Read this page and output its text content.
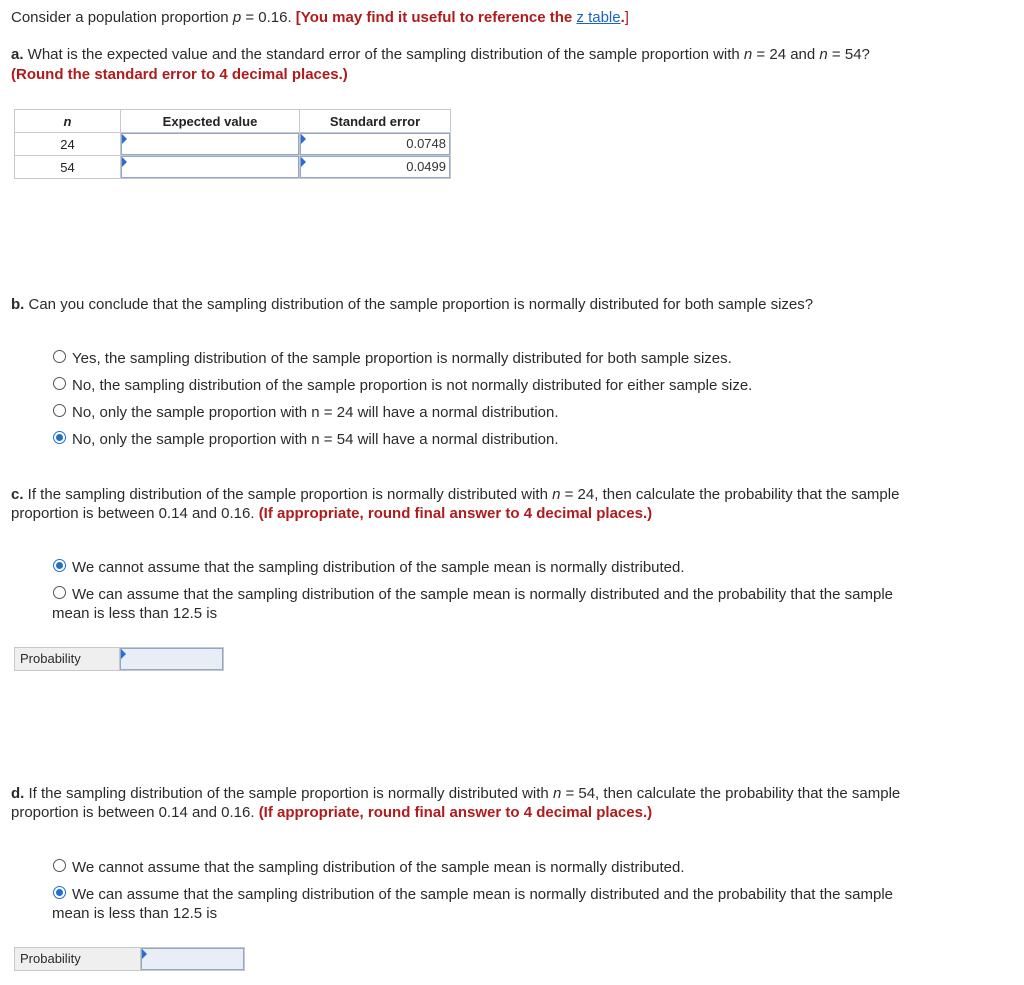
Consider a population proportion p = 0.16. [You may find it useful to reference the z table.]
a. What is the expected value and the standard error of the sampling distribution of the sample proportion with n = 24 and n = 54?
(Round the standard error to 4 decimal places.)
n	Expected value	Standard error
24		0.0748

54		0.0499
b. Can you conclude that the sampling distribution of the sample proportion is normally distributed for both sample sizes?
Yes, the sampling distribution of the sample proportion is normally distributed for both sample sizes.
No, the sampling distribution of the sample proportion is not normally distributed for either sample size.
No, only the sample proportion with n = 24 will have a normal distribution.
No, only the sample proportion with n = 54 will have a normal distribution.
c. If the sampling distribution of the sample proportion is normally distributed with n = 24, then calculate the probability that the sample
proportion is between 0.14 and 0.16. (If appropriate, round final answer to 4 decimal places.)
We cannot assume that the sampling distribution of the sample mean is normally distributed.
We can assume that the sampling distribution of the sample mean is normally distributed and the probability that the sample
mean is less than 12.5 is
Probability
d. If the sampling distribution of the sample proportion is normally distributed with n = 54, then calculate the probability that the sample
proportion is between 0.14 and 0.16. (If appropriate, round final answer to 4 decimal places.)
We cannot assume that the sampling distribution of the sample mean is normally distributed.
We can assume that the sampling distribution of the sample mean is normally distributed and the probability that the sample
mean is less than 12.5 is
Probability
